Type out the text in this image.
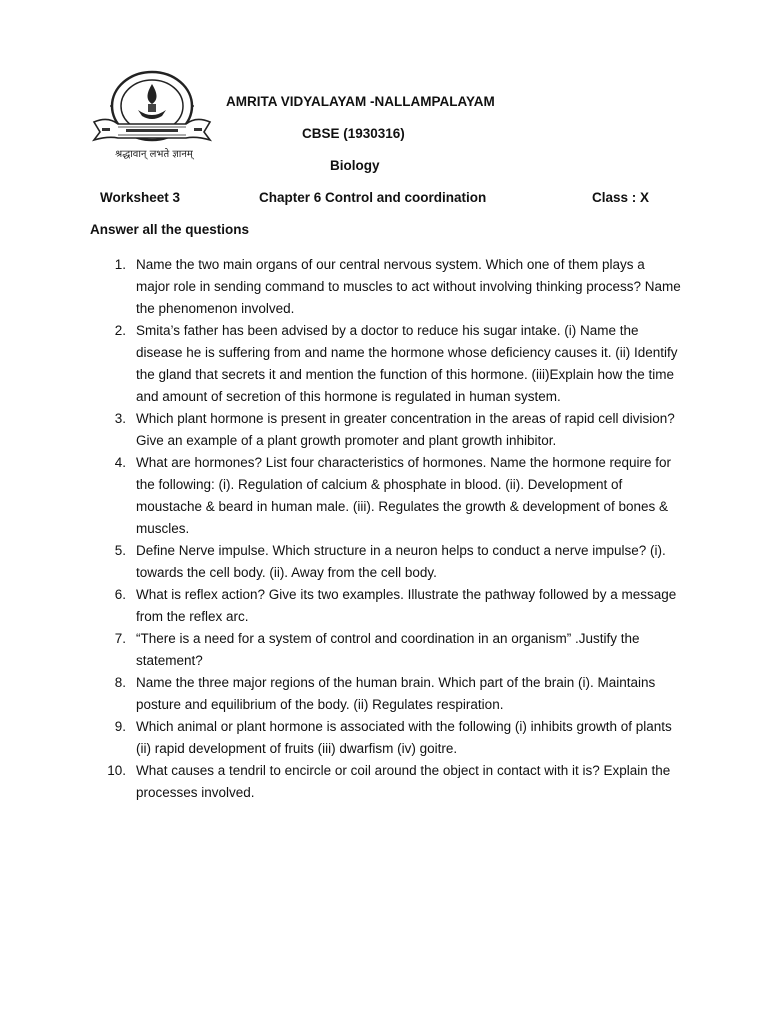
श्रद्धावान् लभते ज्ञानम्
AMRITA VIDYALAYAM -NALLAMPALAYAM
CBSE (1930316)
Biology
Worksheet 3	Chapter 6 Control and coordination	Class : X
Answer all the questions
1. Name the two main organs of our central nervous system. Which one of them plays a major role in sending command to muscles to act without involving thinking process? Name the phenomenon involved.
2. Smita’s father has been advised by a doctor to reduce his sugar intake. (i) Name the disease he is suffering from and name the hormone whose deficiency causes it. (ii) Identify the gland that secrets it and mention the function of this hormone. (iii)Explain how the time and amount of secretion of this hormone is regulated in human system.
3. Which plant hormone is present in greater concentration in the areas of rapid cell division? Give an example of a plant growth promoter and plant growth inhibitor.
4. What are hormones? List four characteristics of hormones. Name the hormone require for the following: (i). Regulation of calcium & phosphate in blood. (ii). Development of moustache & beard in human male. (iii). Regulates the growth & development of bones & muscles.
5. Define Nerve impulse. Which structure in a neuron helps to conduct a nerve impulse? (i). towards the cell body. (ii). Away from the cell body.
6. What is reflex action? Give its two examples. Illustrate the pathway followed by a message from the reflex arc.
7. “There is a need for a system of control and coordination in an organism” .Justify the statement?
8. Name the three major regions of the human brain. Which part of the brain (i). Maintains posture and equilibrium of the body. (ii) Regulates respiration.
9. Which animal or plant hormone is associated with the following (i) inhibits growth of plants (ii) rapid development of fruits (iii) dwarfism (iv) goitre.
10. What causes a tendril to encircle or coil around the object in contact with it is? Explain the processes involved.
